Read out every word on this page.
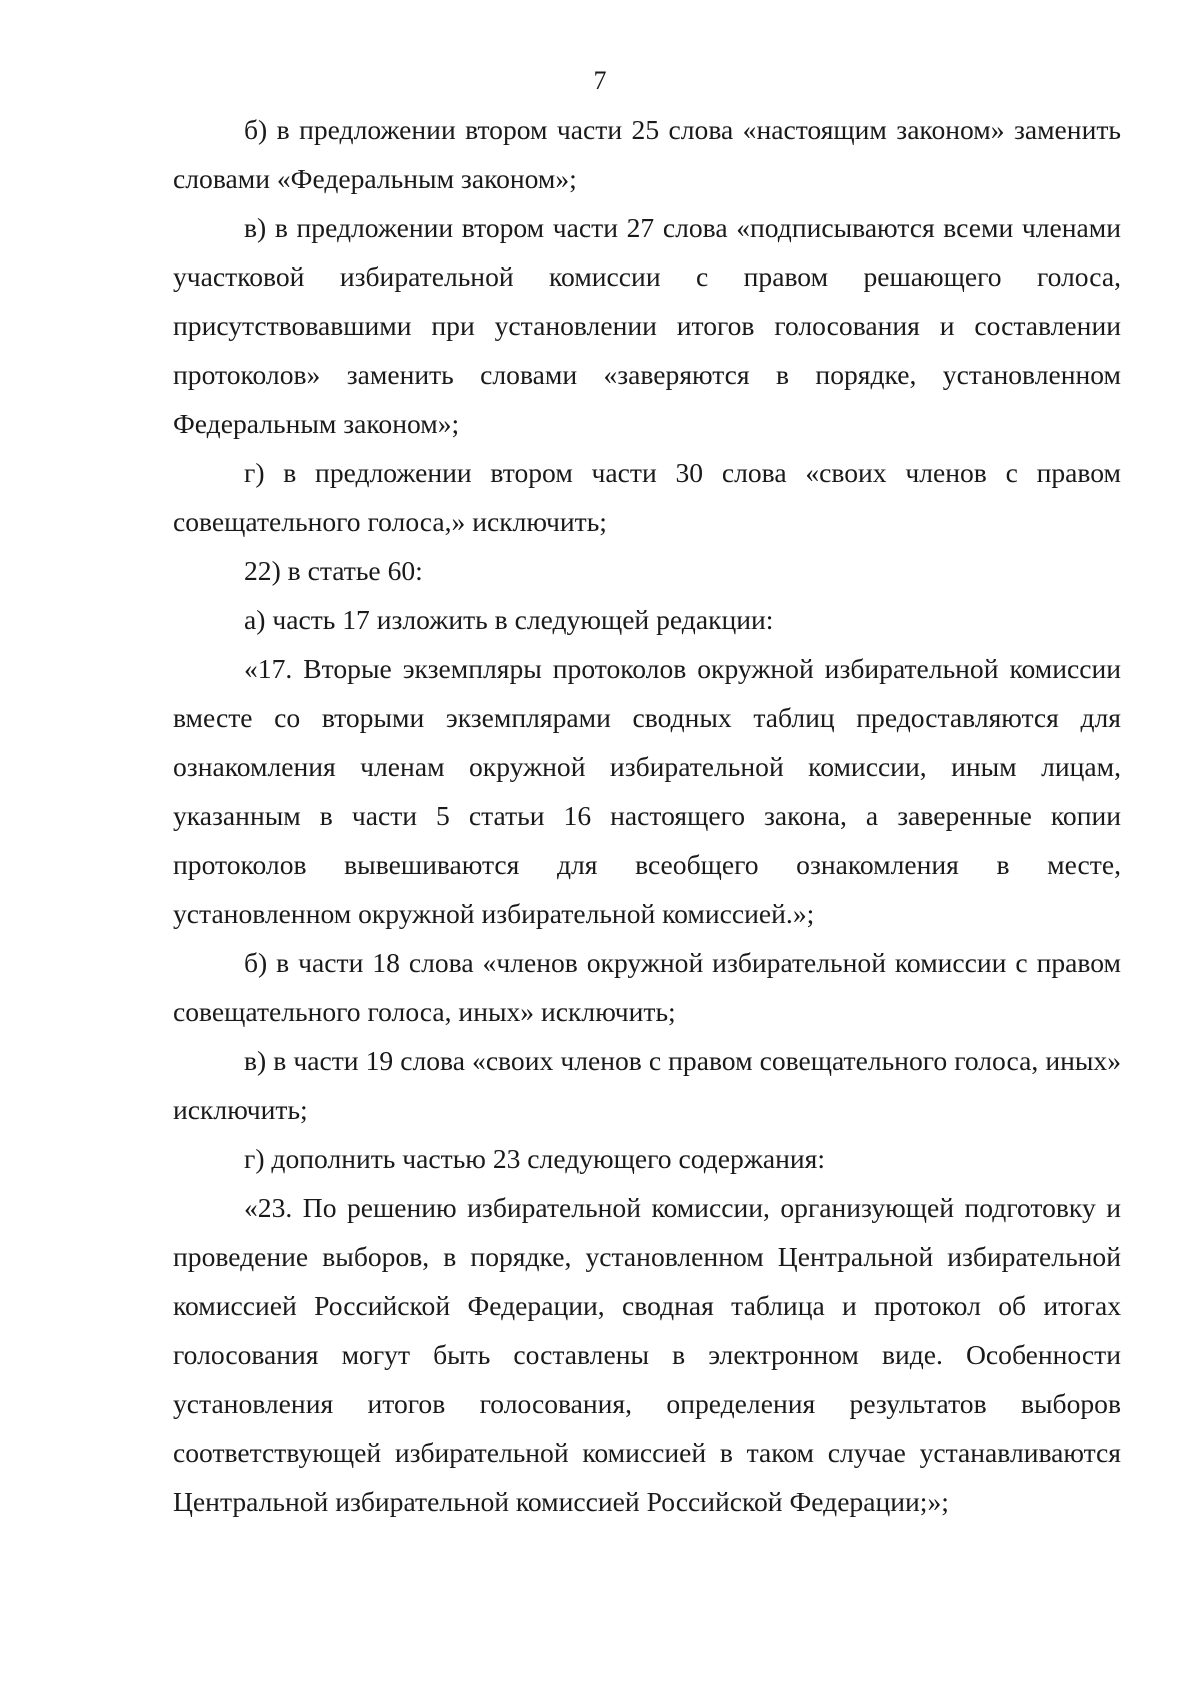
7

б) в предложении втором части 25 слова «настоящим законом» заменить словами «Федеральным законом»;

в) в предложении втором части 27 слова «подписываются всеми членами участковой избирательной комиссии с правом решающего голоса, присутствовавшими при установлении итогов голосования и составлении протоколов» заменить словами «заверяются в порядке, установленном Федеральным законом»;

г) в предложении втором части 30 слова «своих членов с правом совещательного голоса,» исключить;

22) в статье 60:

а) часть 17 изложить в следующей редакции:

«17. Вторые экземпляры протоколов окружной избирательной комиссии вместе со вторыми экземплярами сводных таблиц предоставляются для ознакомления членам окружной избирательной комиссии, иным лицам, указанным в части 5 статьи 16 настоящего закона, а заверенные копии протоколов вывешиваются для всеобщего ознакомления в месте, установленном окружной избирательной комиссией.»;

б) в части 18 слова «членов окружной избирательной комиссии с правом совещательного голоса, иных» исключить;

в) в части 19 слова «своих членов с правом совещательного голоса, иных» исключить;

г) дополнить частью 23 следующего содержания:

«23. По решению избирательной комиссии, организующей подготовку и проведение выборов, в порядке, установленном Центральной избирательной комиссией Российской Федерации, сводная таблица и протокол об итогах голосования могут быть составлены в электронном виде. Особенности установления итогов голосования, определения результатов выборов соответствующей избирательной комиссией в таком случае устанавливаются Центральной избирательной комиссией Российской Федерации;»;
